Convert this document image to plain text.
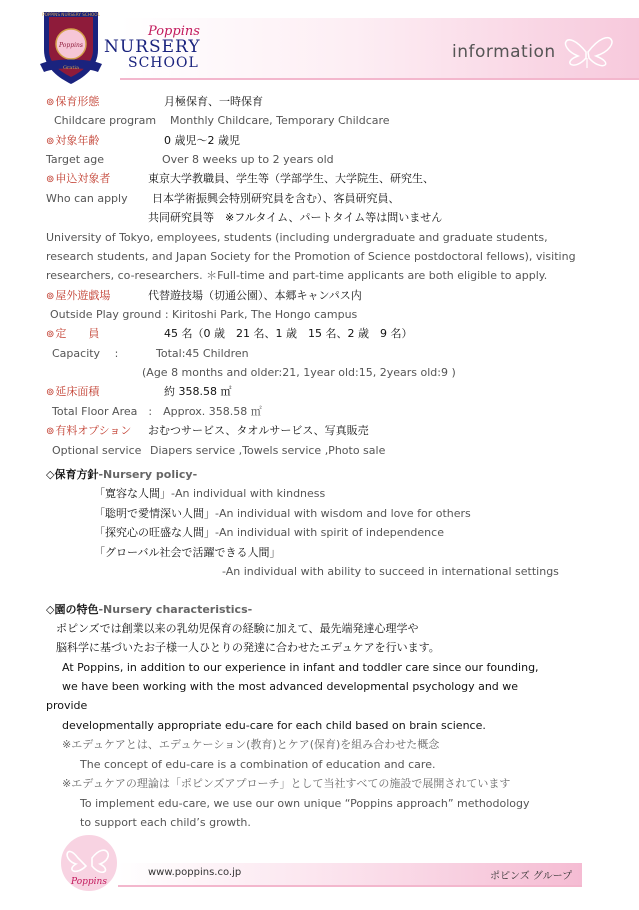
information
POPPINS NURSERY SCHOOL
Poppins
Gratia
Poppins
NURSERY
SCHOOL
⊚保育形態	月極保育、一時保育
Childcare program Monthly Childcare, Temporary Childcare
⊚対象年齢	0 歳児～2 歳児
Target age	Over 8 weeks up to 2 years old
⊚申込対象者	東京大学教職員、学生等（学部学生、大学院生、研究生、
Who can apply 日本学術振興会特別研究員を含む）、客員研究員、
共同研究員等　※フルタイム、パートタイム等は問いません
University of Tokyo, employees, students (including undergraduate and graduate students,
research students, and Japan Society for the Promotion of Science postdoctoral fellows), visiting
researchers, co-researchers. ＊Full-time and part-time applicants are both eligible to apply.
⊚屋外遊戯場	代替遊技場（切通公園）、本郷キャンパス内
Outside Play ground : Kiritoshi Park, The Hongo campus
⊚定　　員	45 名（0 歳　21 名、1 歳　15 名、2 歳　9 名）
Capacity　 :	Total:45 Children
(Age 8 months and older:21, 1year old:15, 2years old:9 )
⊚延床面積	約 358.58 ㎡
Total Floor Area　:　Approx. 358.58 ㎡
⊚有料オプション おむつサービス、タオルサービス、写真販売
Optional service Diapers service ,Towels service ,Photo sale
◇保育方針-Nursery policy-
「寛容な人間」-An individual with kindness
「聡明で愛情深い人間」-An individual with wisdom and love for others
「探究心の旺盛な人間」-An individual with spirit of independence
「グローバル社会で活躍できる人間」
-An individual with ability to succeed in international settings
◇園の特色-Nursery characteristics-
ポピンズでは創業以来の乳幼児保育の経験に加えて、最先端発達心理学や
脳科学に基づいたお子様一人ひとりの発達に合わせたエデュケアを行います。
At Poppins, in addition to our experience in infant and toddler care since our founding,
we have been working with the most advanced developmental psychology and we
provide
developmentally appropriate edu-care for each child based on brain science.
※エデュケアとは、エデュケーション(教育)とケア(保育)を組み合わせた概念
The concept of edu-care is a combination of education and care.
※エデュケアの理論は「ポピンズアプローチ」として当社すべての施設で展開されています
To implement edu-care, we use our own unique “Poppins approach” methodology
to support each child’s growth.
Poppins
www.poppins.co.jp	ポピンズ グループ
